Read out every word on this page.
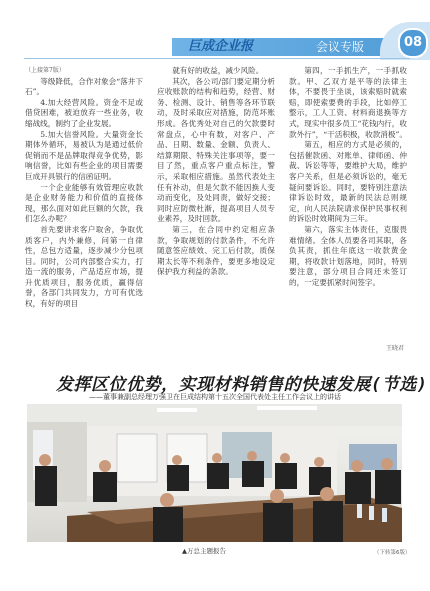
巨成企业报	会议专版	08

（上接第7版）

等级降低，合作对象会“落井下石”。

4.加大经营风险。资金不足或借贷困难，被迫放弃一些业务，收缩战线，制约了企业发展。

5.加大信誉风险。大量资金长期体外循环，易被认为是通过低价促销而不是品牌取得竞争优势，影响信誉，比如有些企业的项目需要巨成开具银行的信函证明。

一个企业能够有效管理应收款是企业财务能力和价值的直接体现，那么面对如此巨额的欠款，我们怎么办呢？

首先要讲求客户取舍，争取优质客户，内外兼修，问第一自律性，总包方适量，逐步减少分包项目。同时，公司内部整合实力，打造一流的服务，产品适应市场，提升优质项目，服务优质，赢得信誉，各部门共同发力，方可有优选权，有好的项目

就有好的收益，减少风险。

其次，各公司/部门要定期分析应收账款的结构和趋势，经营、财务、检测、设计、销售等各环节联动，及时采取应对措施，防范坏账形成。各优秀处对自己的欠款要时常盘点，心中有数，对客户、产品、日期、数量、金额、负责人、结算期限、特殊关注事项等，要一目了然，重点客户重点标注，警示，采取相应措施。虽然代表处主任有补动，但是欠款不能因换人变动而变化，及处同责，做好交接；同时应防微杜渐，提高项目人员专业素养，及时回款。

第三，在合同中约定相应条款，争取规划的付款条件，不允许随意签应绩效、完工后付款，质保期太长等不利条件，要更多地设定保护我方利益的条款。

第四，一手抓生产，一手抓收款。甲、乙双方是平等的法律主体，不要畏于坐谈，该索赔时就索赔，即使索要费的手段，比如停工整示，工人工资、材料商退换等方式，现实中很多员工“花钱内行，收款外行”，“干活积极，收款消极”。

第五，相应的方式是必须的，包括催款函、对账单、律师函、仲裁、诉讼等等，要维护大局，维护客户关系，但是必须诉讼的，毫无疑问要诉讼。同时，要特别注意法律诉讼时效，最新的民法总则规定，向人民法院请求保护民事权利的诉讼时效期间为三年。

第六，落实主体责任，克服畏难情绪。全体人员要各司其职，各负其责，抓住年底这一收款黄金期，将收款计划落地，同时，特别要注意，部分项目合同还未签订的，一定要抓紧时间签字。

王晓君
发挥区位优势，实现材料销售的快速发展(节选)
——董事兼副总经理万强卫在巨成结构第十五次全国代表处主任工作会议上的讲话
▲万总主题报告	（下转第6版）
